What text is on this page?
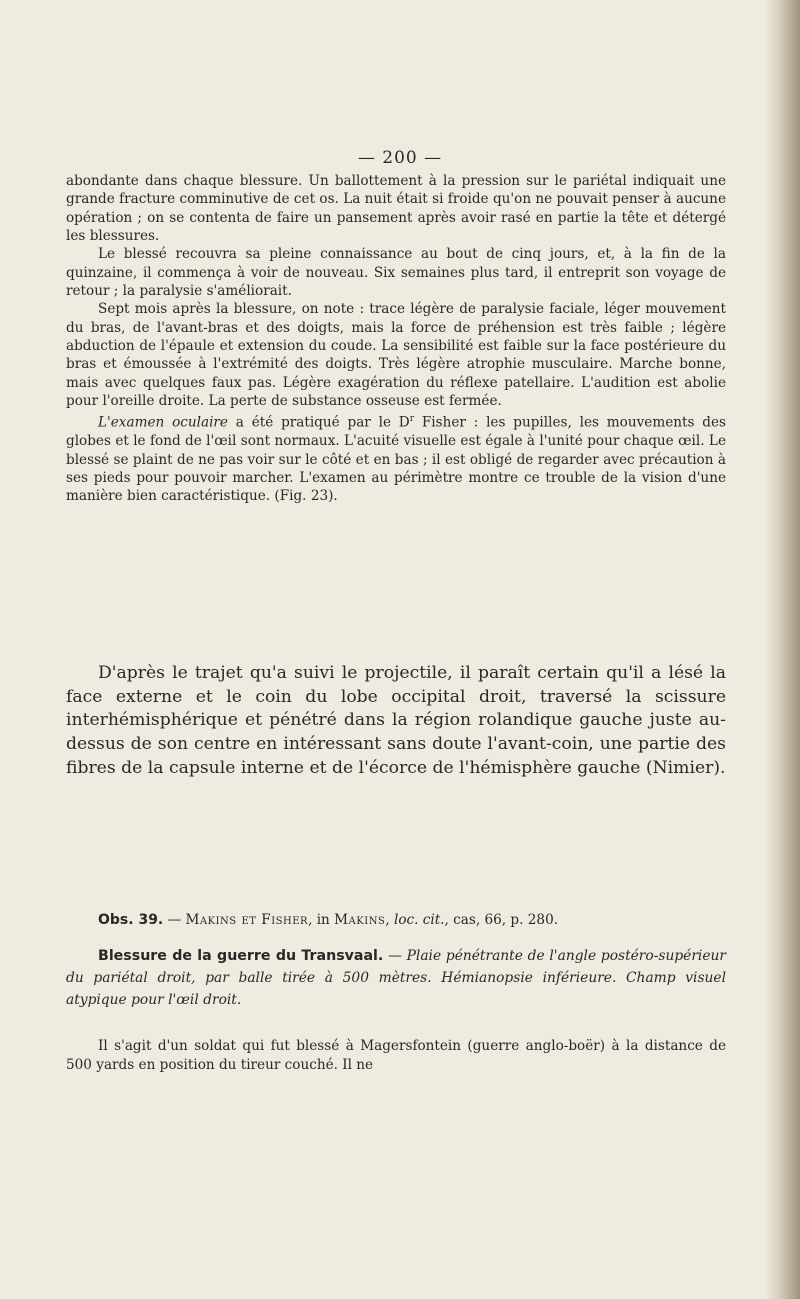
— 200 —

abondante dans chaque blessure. Un ballottement à la pression sur le pariétal indiquait une grande fracture comminutive de cet os. La nuit était si froide qu'on ne pouvait penser à aucune opération ; on se contenta de faire un pansement après avoir rasé en partie la tête et détergé les blessures.

Le blessé recouvra sa pleine connaissance au bout de cinq jours, et, à la fin de la quinzaine, il commença à voir de nouveau. Six semaines plus tard, il entreprit son voyage de retour ; la paralysie s'améliorait.

Sept mois après la blessure, on note : trace légère de paralysie faciale, léger mouvement du bras, de l'avant-bras et des doigts, mais la force de préhension est très faible ; légère abduction de l'épaule et extension du coude. La sensibilité est faible sur la face postérieure du bras et émoussée à l'extrémité des doigts. Très légère atrophie musculaire. Marche bonne, mais avec quelques faux pas. Légère exagération du réflexe patellaire. L'audition est abolie pour l'oreille droite. La perte de substance osseuse est fermée.

L'examen oculaire a été pratiqué par le $D^r$ Fisher : les pupilles, les mouvements des globes et le fond de l'œil sont normaux. L'acuité visuelle est égale à l'unité pour chaque œil. Le blessé se plaint de ne pas voir sur le côté et en bas ; il est obligé de regarder avec précaution à ses pieds pour pouvoir marcher. L'examen au périmètre montre ce trouble de la vision d'une manière bien caractéristique. (Fig. 23).

D'après le trajet qu'a suivi le projectile, il paraît certain qu'il a lésé la face externe et le coin du lobe occipital droit, traversé la scissure interhémisphérique et pénétré dans la région rolandique gauche juste au-dessus de son centre en intéressant sans doute l'avant-coin, une partie des fibres de la capsule interne et de l'écorce de l'hémisphère gauche (Nimier).

Obs. 39. — Makins et Fisher, in Makins, loc. cit., cas, 66, p. 280.
Blessure de la guerre du Transvaal. — Plaie pénétrante de l'angle postéro-supérieur du pariétal droit, par balle tirée à 500 mètres. Hémianopsie inférieure. Champ visuel atypique pour l'œil droit.
Il s'agit d'un soldat qui fut blessé à Magersfontein (guerre anglo-boër) à la distance de 500 yards en position du tireur couché. Il ne
